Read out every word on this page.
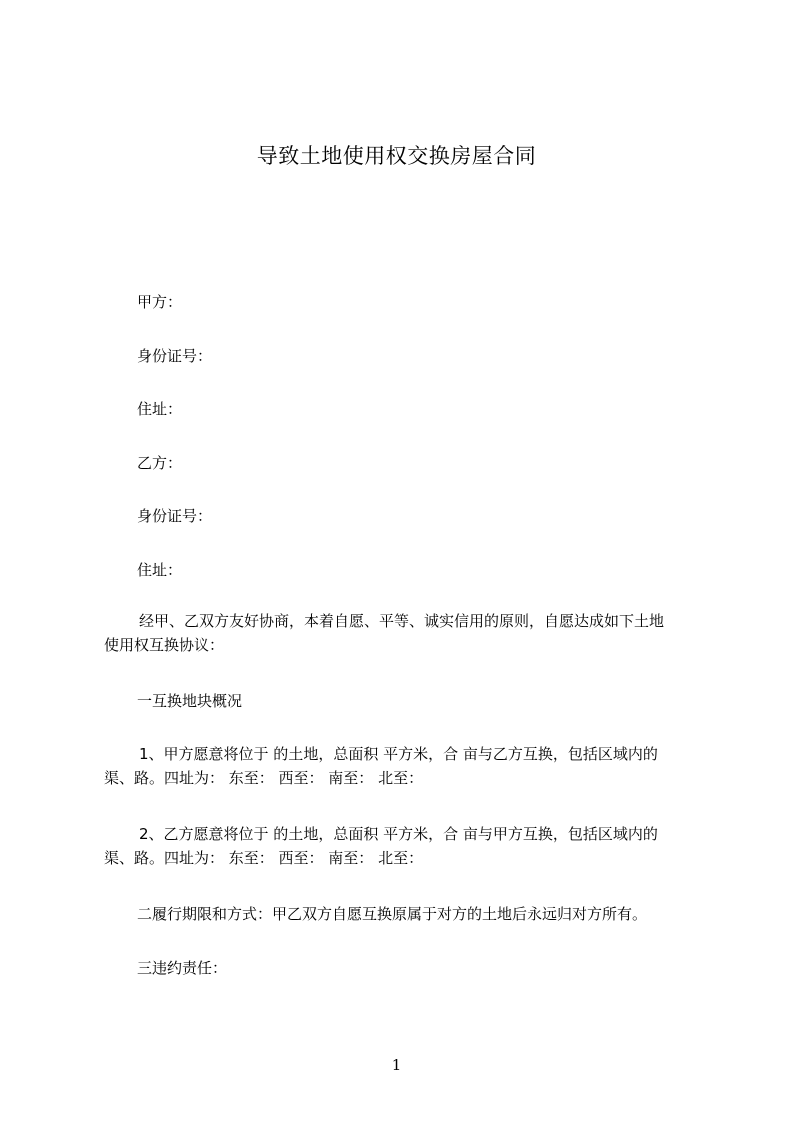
导致土地使用权交换房屋合同
甲方：
身份证号：
住址：
乙方：
身份证号：
住址：
经甲、乙双方友好协商，本着自愿、平等、诚实信用的原则，自愿达成如下土地
使用权互换协议：
一互换地块概况
1、甲方愿意将位于 的土地，总面积 平方米，合 亩与乙方互换，包括区域内的
渠、路。四址为： 东至： 西至： 南至： 北至：
2、乙方愿意将位于 的土地，总面积 平方米，合 亩与甲方互换，包括区域内的
渠、路。四址为： 东至： 西至： 南至： 北至：
二履行期限和方式：甲乙双方自愿互换原属于对方的土地后永远归对方所有。
三违约责任：
1
